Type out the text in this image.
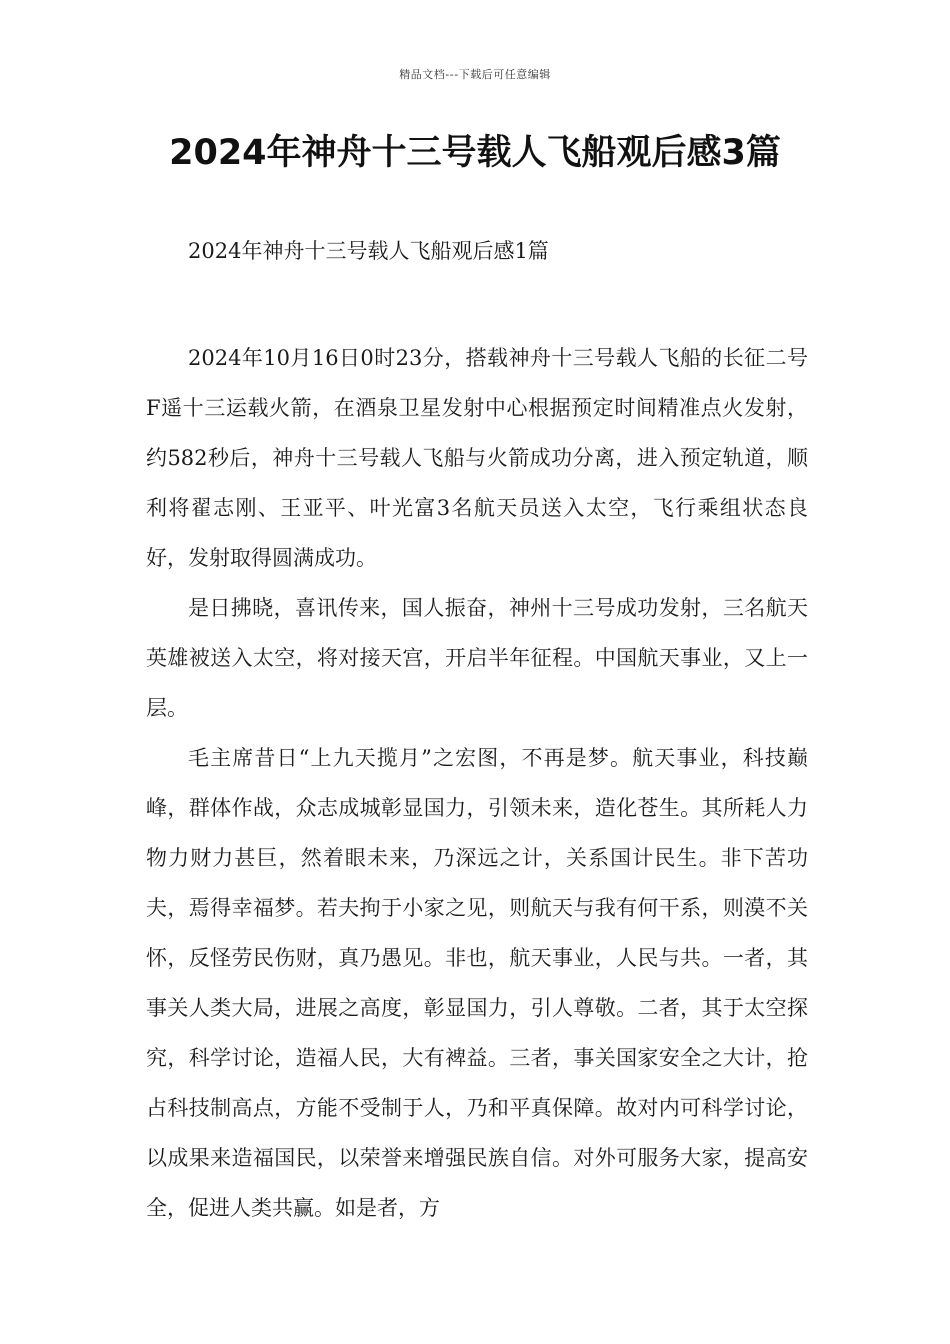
精品文档---下载后可任意编辑
2024年神舟十三号载人飞船观后感3篇

2024年神舟十三号载人飞船观后感1篇

2024年10月16日0时23分，搭载神舟十三号载人飞船的长征二号F遥十三运载火箭，在酒泉卫星发射中心根据预定时间精准点火发射，约582秒后，神舟十三号载人飞船与火箭成功分离，进入预定轨道，顺利将翟志刚、王亚平、叶光富3名航天员送入太空，飞行乘组状态良好，发射取得圆满成功。

是日拂晓，喜讯传来，国人振奋，神州十三号成功发射，三名航天英雄被送入太空，将对接天宫，开启半年征程。中国航天事业，又上一层。

毛主席昔日“上九天揽月”之宏图，不再是梦。航天事业，科技巅峰，群体作战，众志成城彰显国力，引领未来，造化苍生。其所耗人力物力财力甚巨，然着眼未来，乃深远之计，关系国计民生。非下苦功夫，焉得幸福梦。若夫拘于小家之见，则航天与我有何干系，则漠不关怀，反怪劳民伤财，真乃愚见。非也，航天事业，人民与共。一者，其事关人类大局，进展之高度，彰显国力，引人尊敬。二者，其于太空探究，科学讨论，造福人民，大有裨益。三者，事关国家安全之大计，抢占科技制高点，方能不受制于人，乃和平真保障。故对内可科学讨论，以成果来造福国民，以荣誉来增强民族自信。对外可服务大家，提高安全，促进人类共赢。如是者，方
